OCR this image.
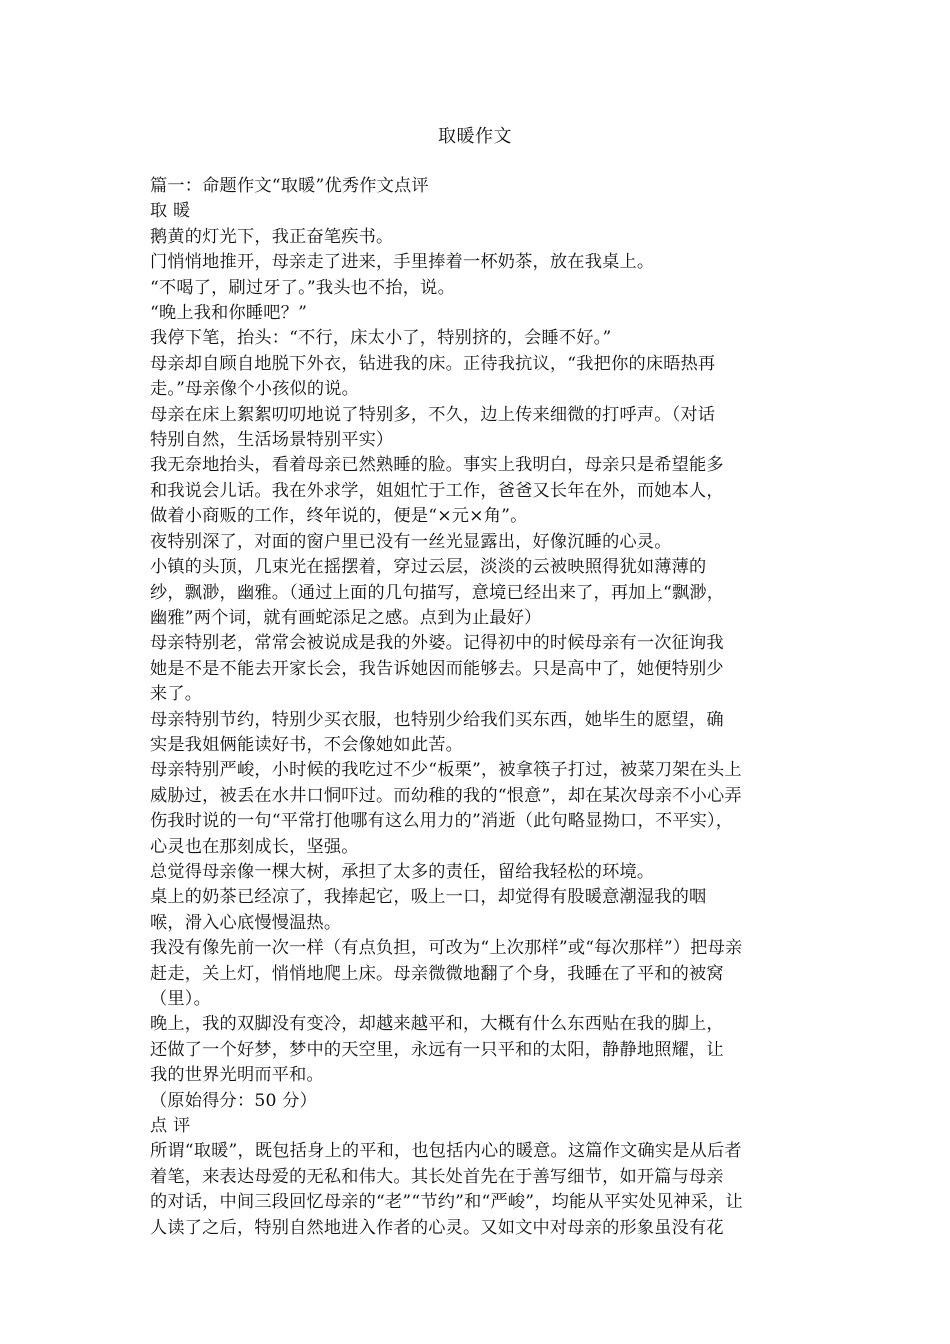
取暖作文

篇一：命题作文“取暖”优秀作文点评

取 暖

鹅黄的灯光下，我正奋笔疾书。

门悄悄地推开，母亲走了进来，手里捧着一杯奶茶，放在我桌上。

“不喝了，刷过牙了。”我头也不抬，说。

“晚上我和你睡吧？”

我停下笔，抬头：“不行，床太小了，特别挤的，会睡不好。”

母亲却自顾自地脱下外衣，钻进我的床。正待我抗议，“我把你的床晤热再

走。”母亲像个小孩似的说。

母亲在床上絮絮叨叨地说了特别多，不久，边上传来细微的打呼声。（对话

特别自然，生活场景特别平实）

我无奈地抬头，看着母亲已然熟睡的脸。事实上我明白，母亲只是希望能多

和我说会儿话。我在外求学，姐姐忙于工作，爸爸又长年在外，而她本人，

做着小商贩的工作，终年说的，便是“×元×角”。

夜特别深了，对面的窗户里已没有一丝光显露出，好像沉睡的心灵。

小镇的头顶，几束光在摇摆着，穿过云层，淡淡的云被映照得犹如薄薄的

纱，飘渺，幽雅。（通过上面的几句描写，意境已经出来了，再加上“飘渺，

幽雅”两个词，就有画蛇添足之感。点到为止最好）

母亲特别老，常常会被说成是我的外婆。记得初中的时候母亲有一次征询我

她是不是不能去开家长会，我告诉她因而能够去。只是高中了，她便特别少

来了。

母亲特别节约，特别少买衣服，也特别少给我们买东西，她毕生的愿望，确

实是我姐俩能读好书，不会像她如此苦。

母亲特别严峻，小时候的我吃过不少“板栗”，被拿筷子打过，被菜刀架在头上

威胁过，被丢在水井口恫吓过。而幼稚的我的“恨意”，却在某次母亲不小心弄

伤我时说的一句“平常打他哪有这么用力的”消逝（此句略显拗口，不平实），

心灵也在那刻成长，坚强。

总觉得母亲像一棵大树，承担了太多的责任，留给我轻松的环境。

桌上的奶茶已经凉了，我捧起它，吸上一口，却觉得有股暖意潮湿我的咽

喉，滑入心底慢慢温热。

我没有像先前一次一样（有点负担，可改为“上次那样”或“每次那样”）把母亲

赶走，关上灯，悄悄地爬上床。母亲微微地翻了个身，我睡在了平和的被窝

（里）。

晚上，我的双脚没有变冷，却越来越平和，大概有什么东西贴在我的脚上，

还做了一个好梦，梦中的天空里，永远有一只平和的太阳，静静地照耀，让

我的世界光明而平和。

（原始得分：50 分）

点 评

所谓“取暖”，既包括身上的平和，也包括内心的暖意。这篇作文确实是从后者

着笔，来表达母爱的无私和伟大。其长处首先在于善写细节，如开篇与母亲

的对话，中间三段回忆母亲的“老”“节约”和“严峻”，均能从平实处见神采，让

人读了之后，特别自然地进入作者的心灵。又如文中对母亲的形象虽没有花
